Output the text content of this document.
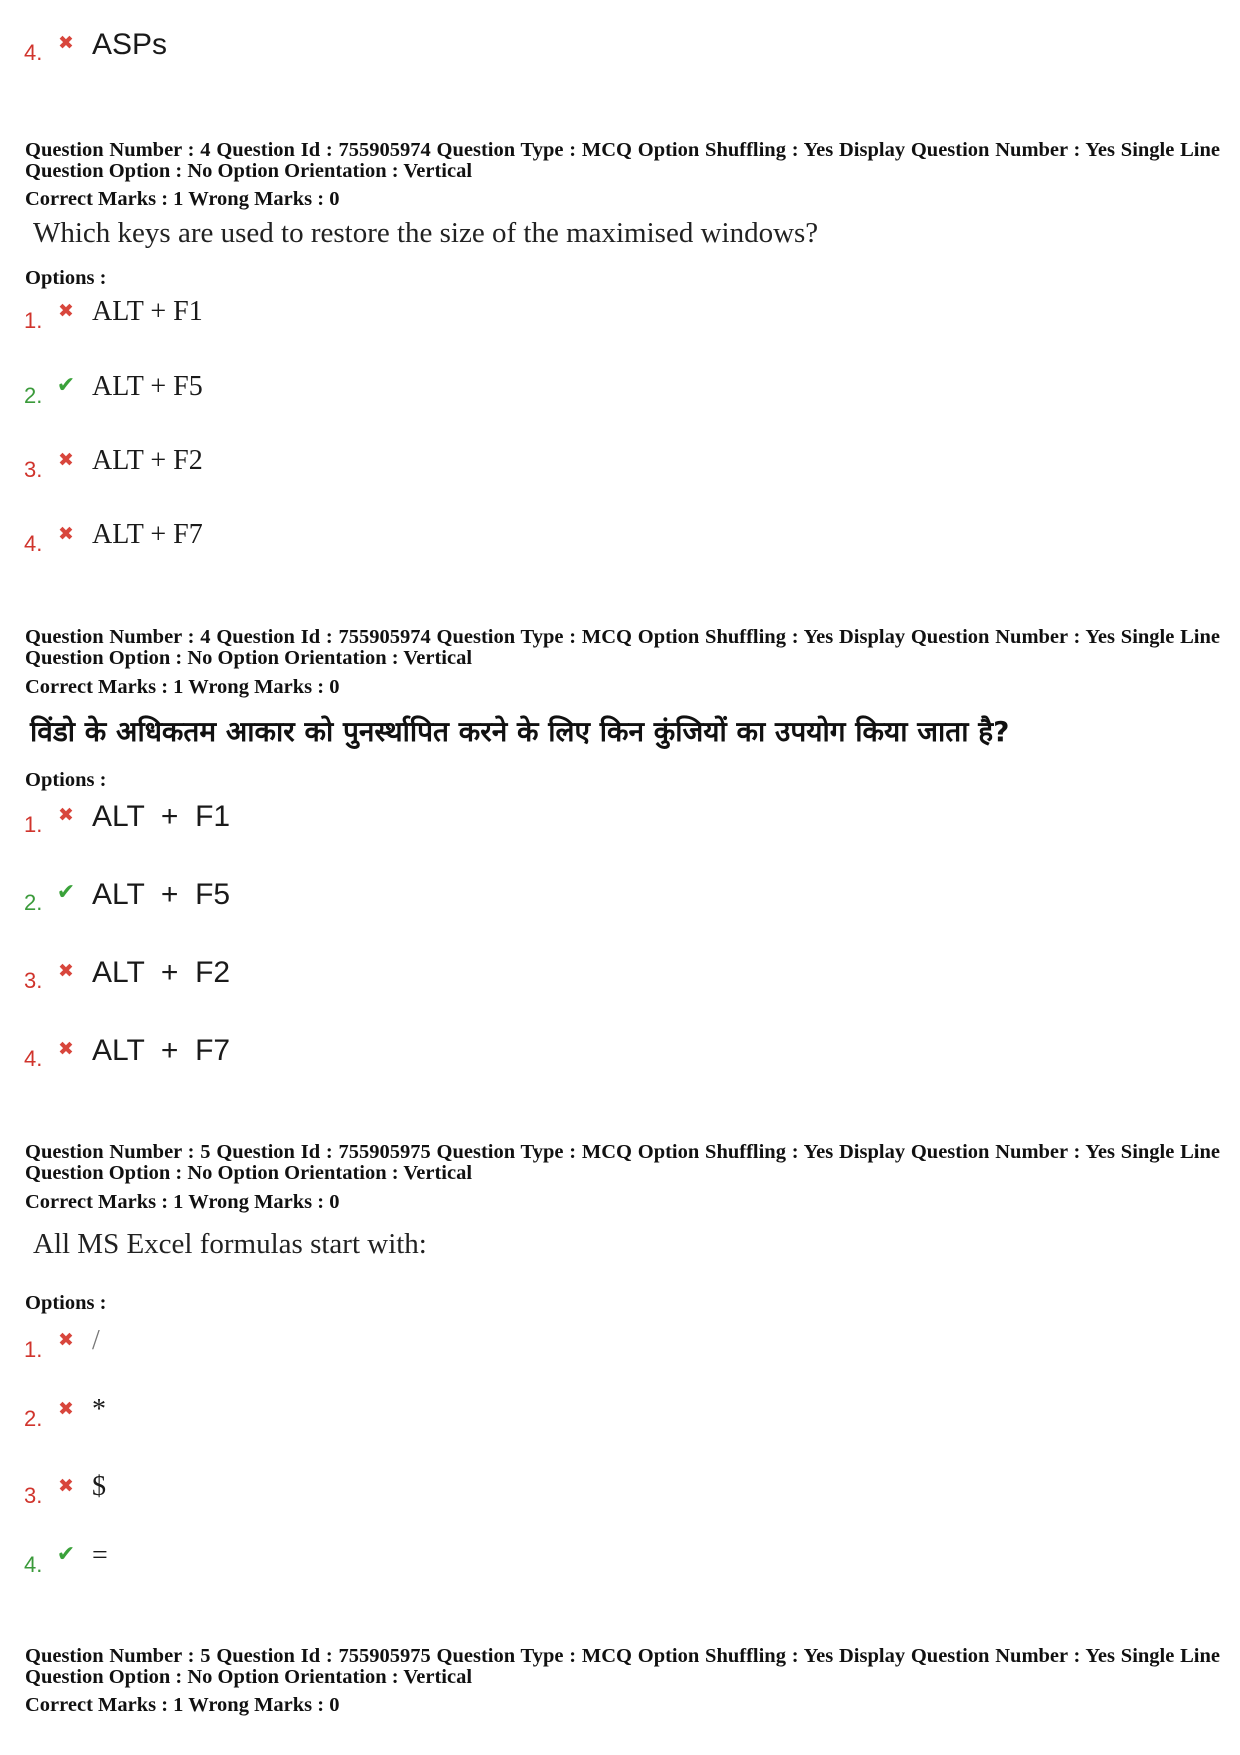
4. ✖ ASPs
Question Number : 4 Question Id : 755905974 Question Type : MCQ Option Shuffling : Yes Display Question Number : Yes Single Line Question Option : No Option Orientation : Vertical
Correct Marks : 1 Wrong Marks : 0
Which keys are used to restore the size of the maximised windows?
Options :
1. ✖ ALT + F1
2. ✔ ALT + F5
3. ✖ ALT + F2
4. ✖ ALT + F7
Question Number : 4 Question Id : 755905974 Question Type : MCQ Option Shuffling : Yes Display Question Number : Yes Single Line Question Option : No Option Orientation : Vertical
Correct Marks : 1 Wrong Marks : 0
विंडो के अधिकतम आकार को पुनर्स्थापित करने के लिए किन कुंजियों का उपयोग किया जाता है?
Options :
1. ✖ ALT  +  F1
2. ✔ ALT  +  F5
3. ✖ ALT  +  F2
4. ✖ ALT  +  F7
Question Number : 5 Question Id : 755905975 Question Type : MCQ Option Shuffling : Yes Display Question Number : Yes Single Line Question Option : No Option Orientation : Vertical
Correct Marks : 1 Wrong Marks : 0
All MS Excel formulas start with:
Options :
1. ✖ /
2. ✖ *
3. ✖ $
4. ✔ =
Question Number : 5 Question Id : 755905975 Question Type : MCQ Option Shuffling : Yes Display Question Number : Yes Single Line Question Option : No Option Orientation : Vertical
Correct Marks : 1 Wrong Marks : 0
